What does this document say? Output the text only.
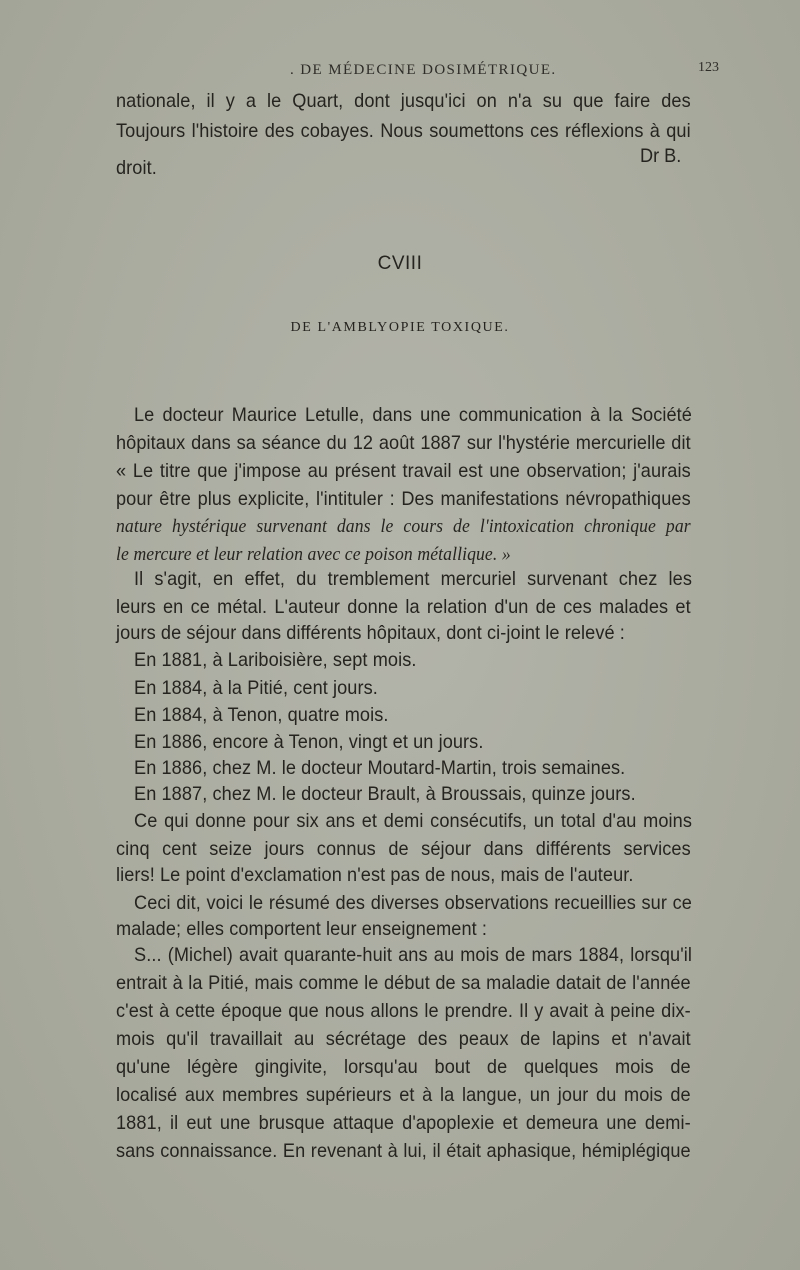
. DE MÉDECINE DOSIMÉTRIQUE.	123
nationale, il y a le Quart, dont jusqu'ici on n'a su que faire des
Toujours l'histoire des cobayes. Nous soumettons ces réflexions à qui
droit.
Dr B.
CVIII
DE L'AMBLYOPIE TOXIQUE.
Le docteur Maurice Letulle, dans une communication à la Société
hôpitaux dans sa séance du 12 août 1887 sur l'hystérie mercurielle dit
« Le titre que j'impose au présent travail est une observation; j'aurais
pour être plus explicite, l'intituler : Des manifestations névropathiques
nature hystérique survenant dans le cours de l'intoxication chronique par
le mercure et leur relation avec ce poison métallique. »
Il s'agit, en effet, du tremblement mercuriel survenant chez les
leurs en ce métal. L'auteur donne la relation d'un de ces malades et
jours de séjour dans différents hôpitaux, dont ci-joint le relevé :
En 1881, à Lariboisière, sept mois.
En 1884, à la Pitié, cent jours.
En 1884, à Tenon, quatre mois.
En 1886, encore à Tenon, vingt et un jours.
En 1886, chez M. le docteur Moutard-Martin, trois semaines.
En 1887, chez M. le docteur Brault, à Broussais, quinze jours.
Ce qui donne pour six ans et demi consécutifs, un total d'au moins
cinq cent seize jours connus de séjour dans différents services
liers! Le point d'exclamation n'est pas de nous, mais de l'auteur.
Ceci dit, voici le résumé des diverses observations recueillies sur ce
malade; elles comportent leur enseignement :
S... (Michel) avait quarante-huit ans au mois de mars 1884, lorsqu'il
entrait à la Pitié, mais comme le début de sa maladie datait de l'année
c'est à cette époque que nous allons le prendre. Il y avait à peine dix-
mois qu'il travaillait au sécrétage des peaux de lapins et n'avait
qu'une légère gingivite, lorsqu'au bout de quelques mois de
localisé aux membres supérieurs et à la langue, un jour du mois de
1881, il eut une brusque attaque d'apoplexie et demeura une demi-
sans connaissance. En revenant à lui, il était aphasique, hémiplégique
